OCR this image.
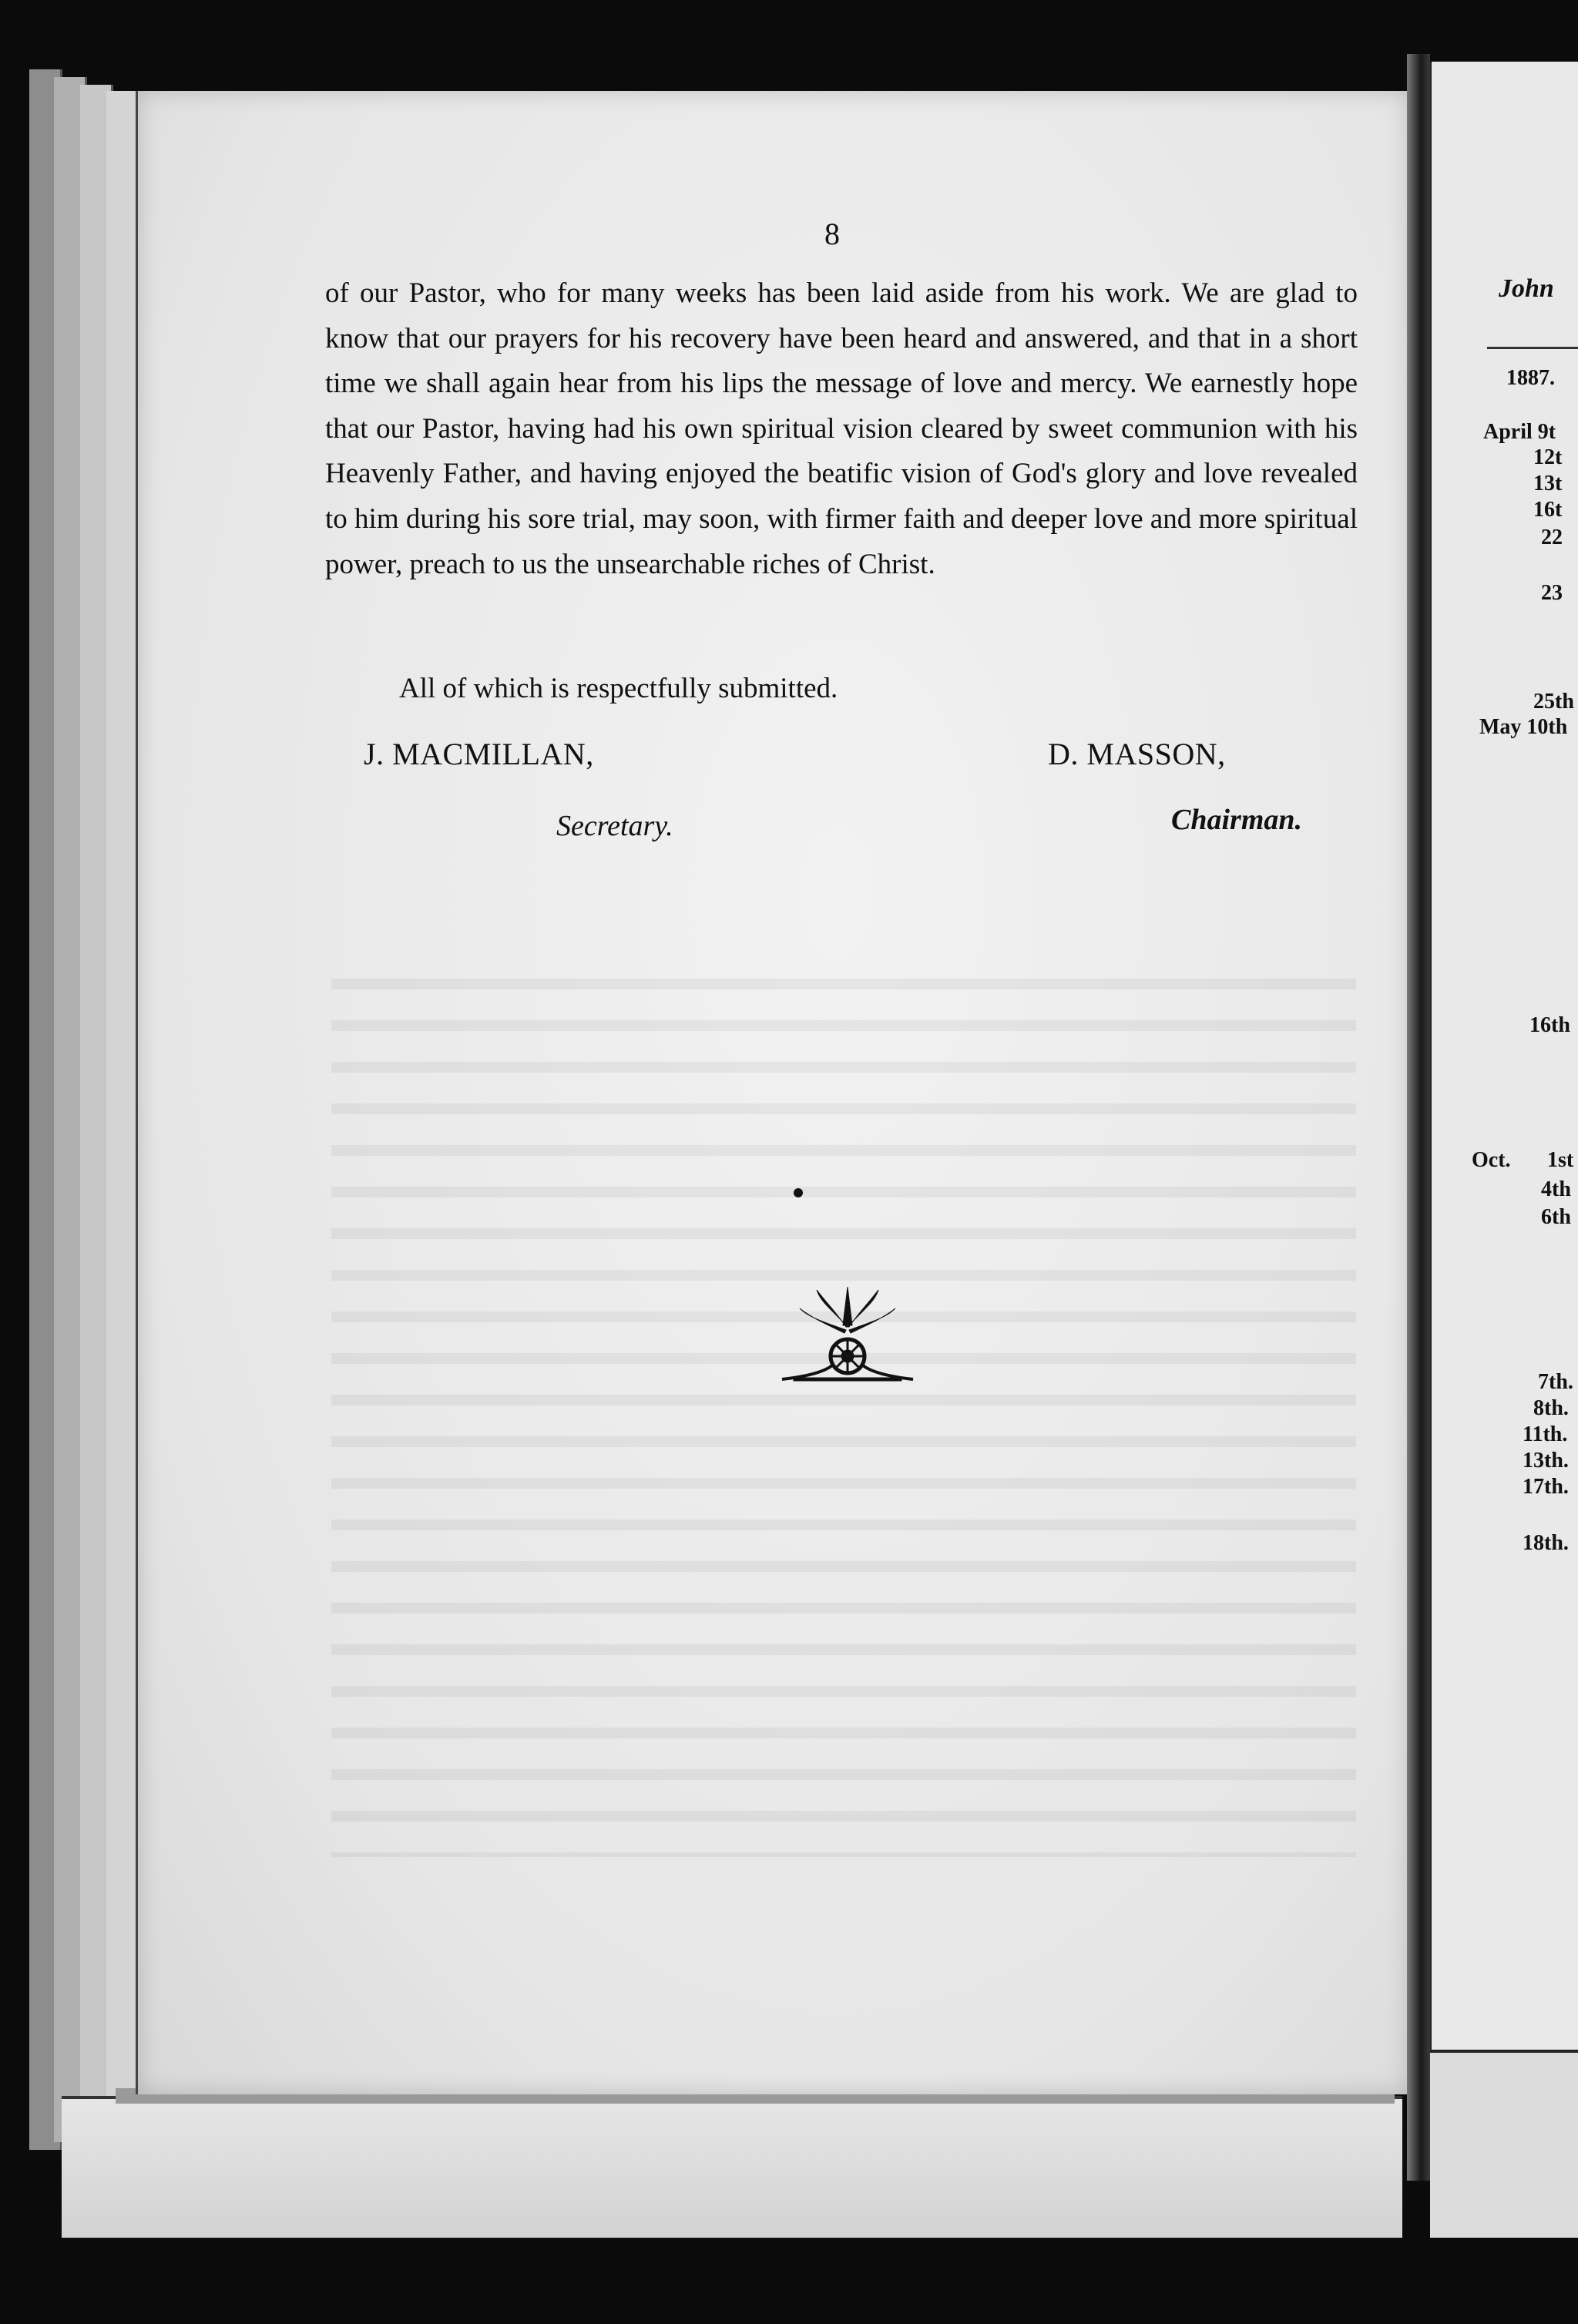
8

of our Pastor, who for many weeks has been laid aside from his work. We are glad to know that our prayers for his recovery have been heard and answered, and that in a short time we shall again hear from his lips the message of love and mercy. We earnestly hope that our Pastor, having had his own spiritual vision cleared by sweet communion with his Heavenly Father, and having enjoyed the beatific vision of God's glory and love revealed to him during his sore trial, may soon, with firmer faith and deeper love and more spiritual power, preach to us the unsearchable riches of Christ.

All of which is respectfully submitted.

J. MACMILLAN,	D. MASSON,
Secretary.	Chairman.
John
1887.
April 9t
12t
13t
16t
22
23
25th
May 10th
16th
Oct. 1st
4th
6th
7th.
8th.
11th.
13th.
17th.
18th.
